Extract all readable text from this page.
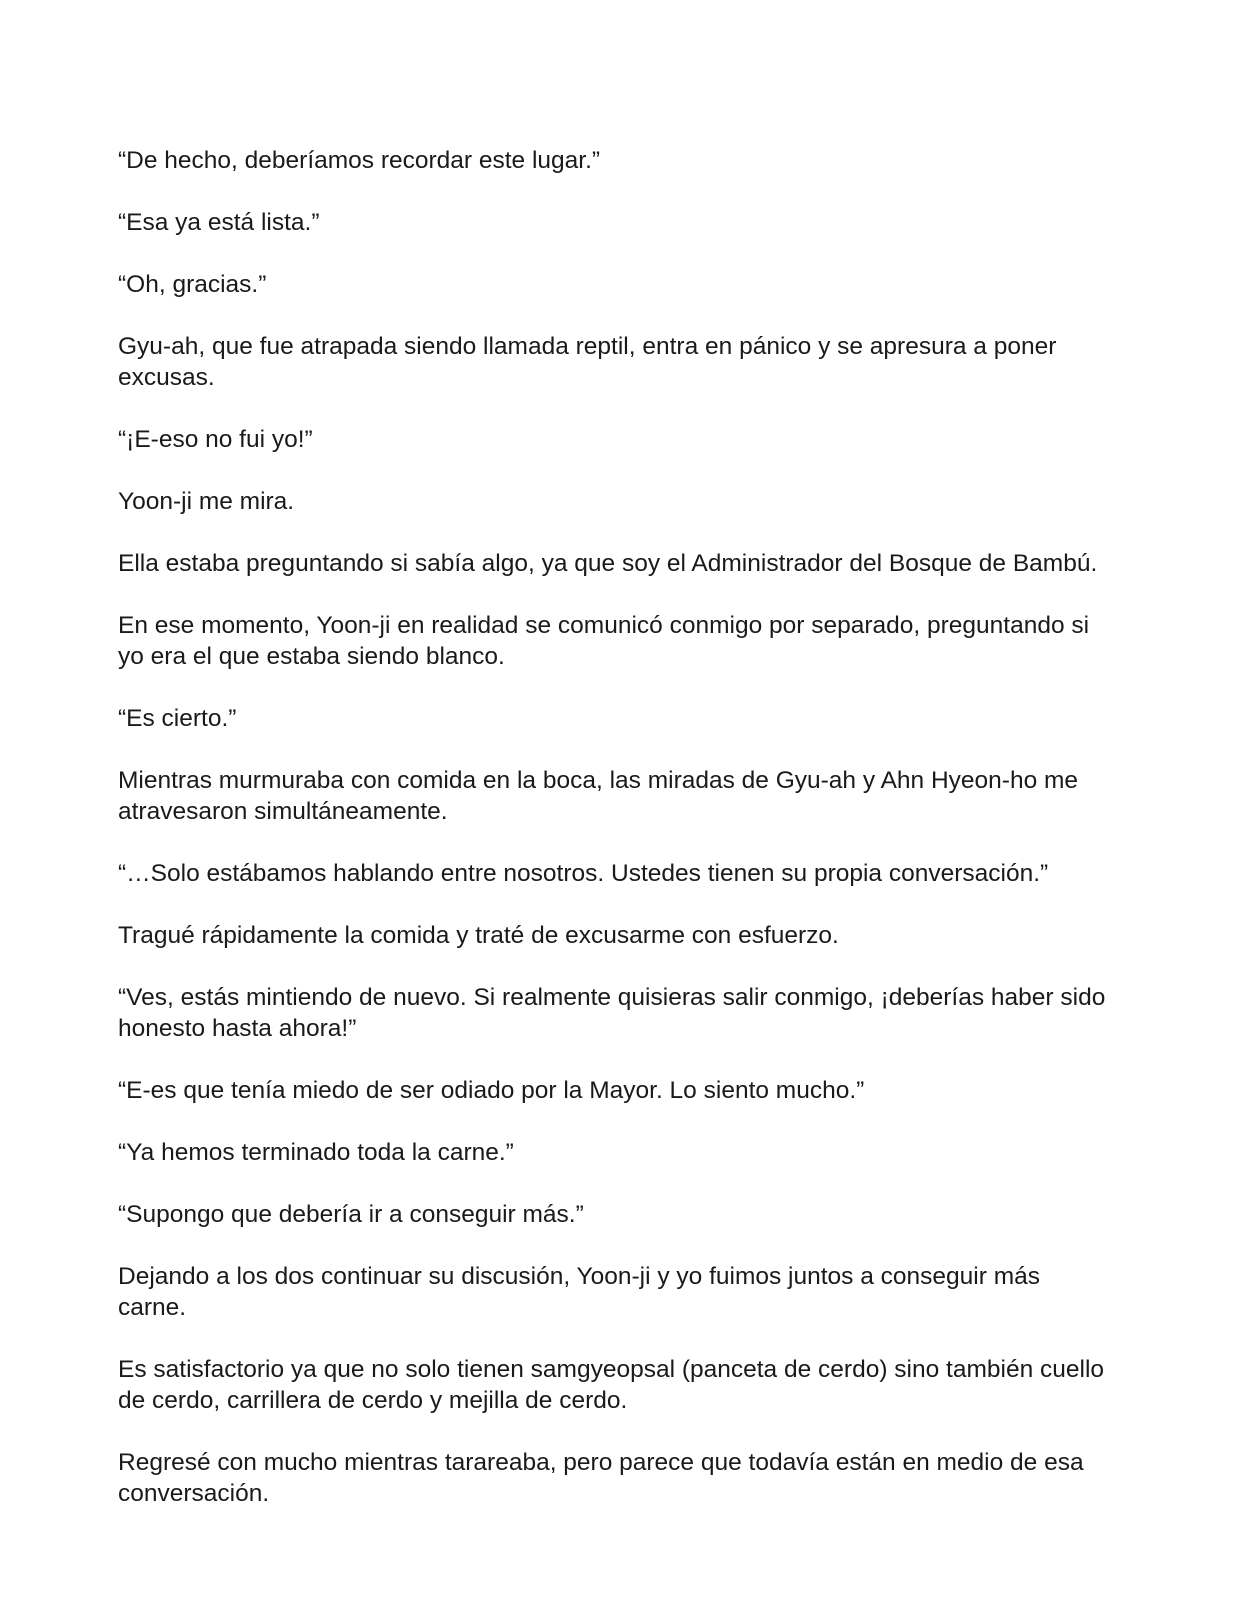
“De hecho, deberíamos recordar este lugar.”

“Esa ya está lista.”

“Oh, gracias.”

Gyu-ah, que fue atrapada siendo llamada reptil, entra en pánico y se apresura a poner excusas.

“¡E-eso no fui yo!”

Yoon-ji me mira.

Ella estaba preguntando si sabía algo, ya que soy el Administrador del Bosque de Bambú.

En ese momento, Yoon-ji en realidad se comunicó conmigo por separado, preguntando si yo era el que estaba siendo blanco.

“Es cierto.”

Mientras murmuraba con comida en la boca, las miradas de Gyu-ah y Ahn Hyeon-ho me atravesaron simultáneamente.

“…Solo estábamos hablando entre nosotros. Ustedes tienen su propia conversación.”

Tragué rápidamente la comida y traté de excusarme con esfuerzo.

“Ves, estás mintiendo de nuevo. Si realmente quisieras salir conmigo, ¡deberías haber sido honesto hasta ahora!”

“E-es que tenía miedo de ser odiado por la Mayor. Lo siento mucho.”

“Ya hemos terminado toda la carne.”

“Supongo que debería ir a conseguir más.”

Dejando a los dos continuar su discusión, Yoon-ji y yo fuimos juntos a conseguir más carne.

Es satisfactorio ya que no solo tienen samgyeopsal (panceta de cerdo) sino también cuello de cerdo, carrillera de cerdo y mejilla de cerdo.

Regresé con mucho mientras tarareaba, pero parece que todavía están en medio de esa conversación.
